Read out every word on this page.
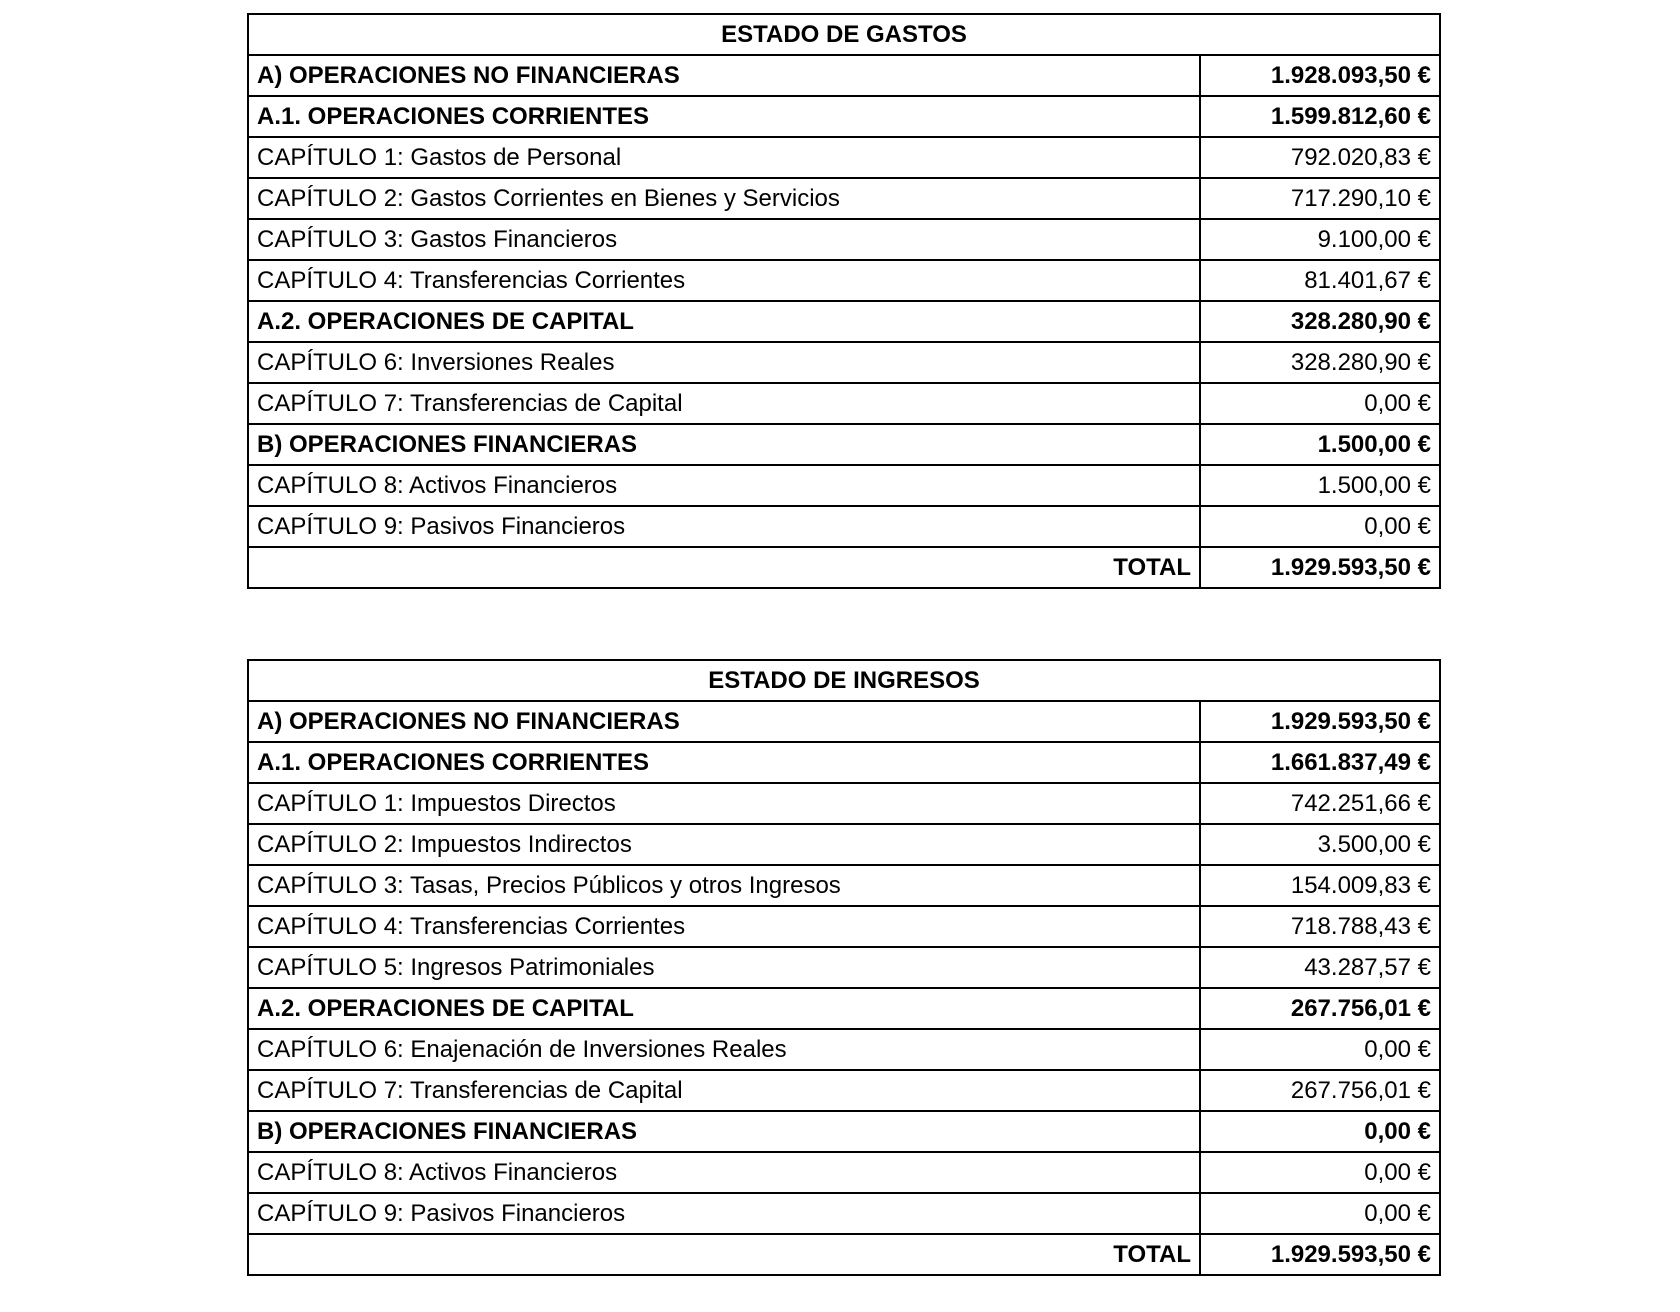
ESTADO DE GASTOS	
A) OPERACIONES NO FINANCIERAS	1.928.093,50 €
A.1. OPERACIONES CORRIENTES	1.599.812,60 €
CAPÍTULO 1: Gastos de Personal	792.020,83 €
CAPÍTULO 2: Gastos Corrientes en Bienes y Servicios	717.290,10 €
CAPÍTULO 3: Gastos Financieros	9.100,00 €
CAPÍTULO 4: Transferencias Corrientes	81.401,67 €
A.2. OPERACIONES DE CAPITAL	328.280,90 €
CAPÍTULO 6: Inversiones Reales	328.280,90 €
CAPÍTULO 7: Transferencias de Capital	0,00 €
B) OPERACIONES FINANCIERAS	1.500,00 €
CAPÍTULO 8: Activos Financieros	1.500,00 €
CAPÍTULO 9: Pasivos Financieros	0,00 €
TOTAL	1.929.593,50 €
ESTADO DE INGRESOS	
A) OPERACIONES NO FINANCIERAS	1.929.593,50 €
A.1. OPERACIONES CORRIENTES	1.661.837,49 €
CAPÍTULO 1: Impuestos Directos	742.251,66 €
CAPÍTULO 2: Impuestos Indirectos	3.500,00 €
CAPÍTULO 3: Tasas, Precios Públicos y otros Ingresos	154.009,83 €
CAPÍTULO 4: Transferencias Corrientes	718.788,43 €
CAPÍTULO 5: Ingresos Patrimoniales	43.287,57 €
A.2. OPERACIONES DE CAPITAL	267.756,01 €
CAPÍTULO 6: Enajenación de Inversiones Reales	0,00 €
CAPÍTULO 7: Transferencias de Capital	267.756,01 €
B) OPERACIONES FINANCIERAS	0,00 €
CAPÍTULO 8: Activos Financieros	0,00 €
CAPÍTULO 9: Pasivos Financieros	0,00 €
TOTAL	1.929.593,50 €
